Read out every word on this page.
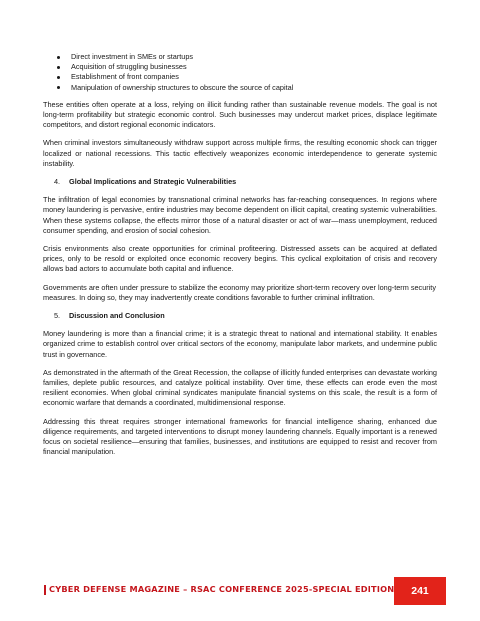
Direct investment in SMEs or startups
Acquisition of struggling businesses
Establishment of front companies
Manipulation of ownership structures to obscure the source of capital

These entities often operate at a loss, relying on illicit funding rather than sustainable revenue models. The goal is not long-term profitability but strategic economic control. Such businesses may undercut market prices, displace legitimate competitors, and distort regional economic indicators.

When criminal investors simultaneously withdraw support across multiple firms, the resulting economic shock can trigger localized or national recessions. This tactic effectively weaponizes economic interdependence to generate systemic instability.

4. Global Implications and Strategic Vulnerabilities

The infiltration of legal economies by transnational criminal networks has far-reaching consequences. In regions where money laundering is pervasive, entire industries may become dependent on illicit capital, creating systemic vulnerabilities. When these systems collapse, the effects mirror those of a natural disaster or act of war—mass unemployment, reduced consumer spending, and erosion of social cohesion.

Crisis environments also create opportunities for criminal profiteering. Distressed assets can be acquired at deflated prices, only to be resold or exploited once economic recovery begins. This cyclical exploitation of crisis and recovery allows bad actors to accumulate both capital and influence.

Governments are often under pressure to stabilize the economy may prioritize short-term recovery over long-term security measures. In doing so, they may inadvertently create conditions favorable to further criminal infiltration.

5. Discussion and Conclusion

Money laundering is more than a financial crime; it is a strategic threat to national and international stability. It enables organized crime to establish control over critical sectors of the economy, manipulate labor markets, and undermine public trust in governance.

As demonstrated in the aftermath of the Great Recession, the collapse of illicitly funded enterprises can devastate working families, deplete public resources, and catalyze political instability. Over time, these effects can erode even the most resilient economies. When global criminal syndicates manipulate financial systems on this scale, the result is a form of economic warfare that demands a coordinated, multidimensional response.

Addressing this threat requires stronger international frameworks for financial intelligence sharing, enhanced due diligence requirements, and targeted interventions to disrupt money laundering channels. Equally important is a renewed focus on societal resilience—ensuring that families, businesses, and institutions are equipped to resist and recover from financial manipulation.

CYBER DEFENSE MAGAZINE – RSAC CONFERENCE 2025-SPECIAL EDITION	241
